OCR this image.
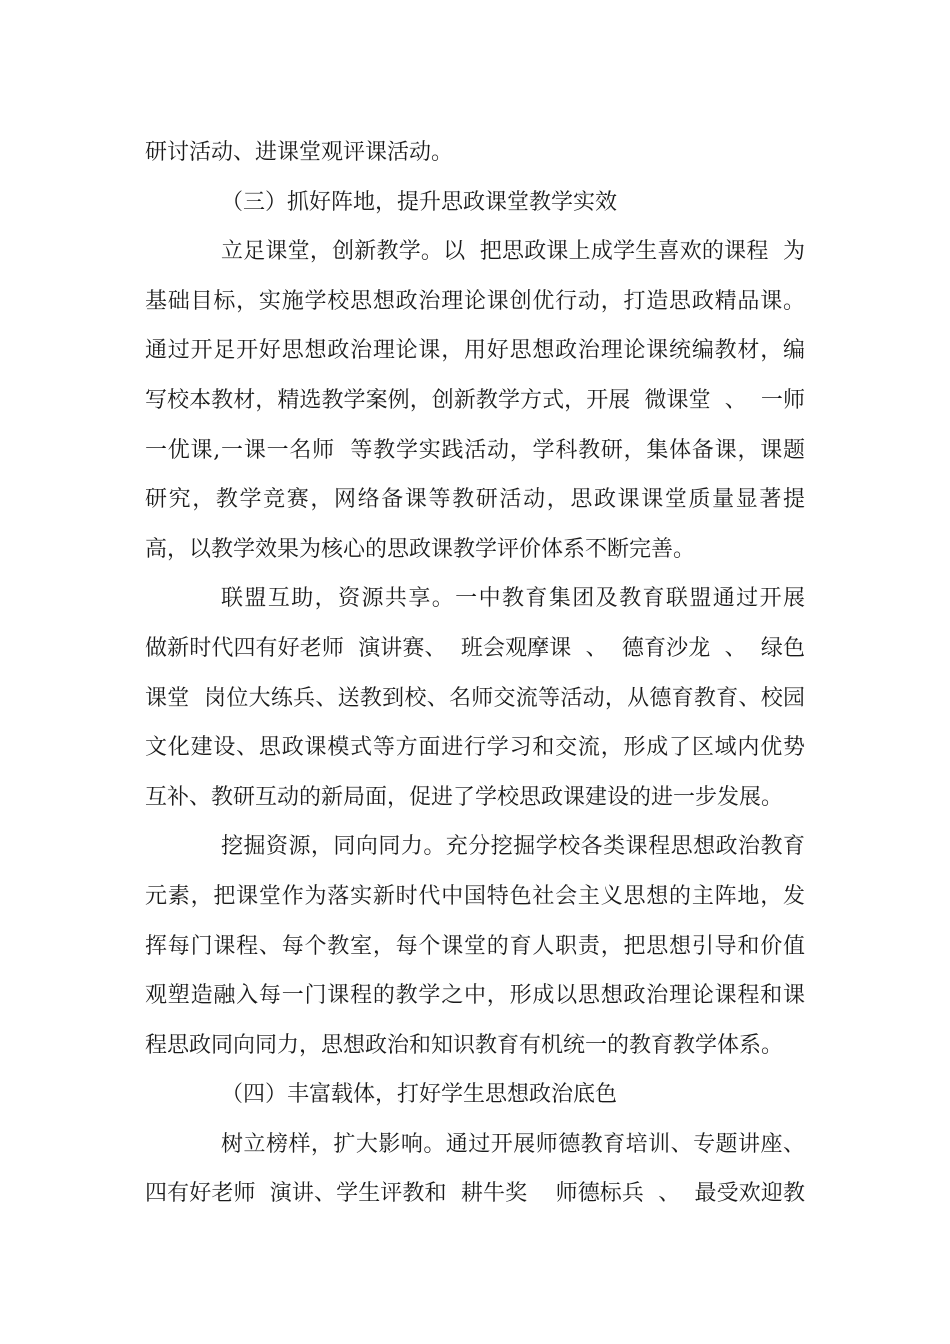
研讨活动、进课堂观评课活动。
（三）抓好阵地，提升思政课堂教学实效
立足课堂，创新教学。以  把思政课上成学生喜欢的课程  为
基础目标，实施学校思想政治理论课创优行动，打造思政精品课。
通过开足开好思想政治理论课，用好思想政治理论课统编教材，编
写校本教材，精选教学案例，创新教学方式，开展  微课堂  、  一师
一优课,一课一名师  等教学实践活动，学科教研，集体备课，课题
研究，教学竞赛，网络备课等教研活动，思政课课堂质量显著提
高，以教学效果为核心的思政课教学评价体系不断完善。
联盟互助，资源共享。一中教育集团及教育联盟通过开展
做新时代四有好老师  演讲赛、  班会观摩课  、  德育沙龙  、  绿色
课堂  岗位大练兵、送教到校、名师交流等活动，从德育教育、校园
文化建设、思政课模式等方面进行学习和交流，形成了区域内优势
互补、教研互动的新局面，促进了学校思政课建设的进一步发展。
挖掘资源，同向同力。充分挖掘学校各类课程思想政治教育
元素，把课堂作为落实新时代中国特色社会主义思想的主阵地，发
挥每门课程、每个教室，每个课堂的育人职责，把思想引导和价值
观塑造融入每一门课程的教学之中，形成以思想政治理论课程和课
程思政同向同力，思想政治和知识教育有机统一的教育教学体系。
（四）丰富载体，打好学生思想政治底色
树立榜样，扩大影响。通过开展师德教育培训、专题讲座、
四有好老师  演讲、学生评教和  耕牛奖    师德标兵  、  最受欢迎教
